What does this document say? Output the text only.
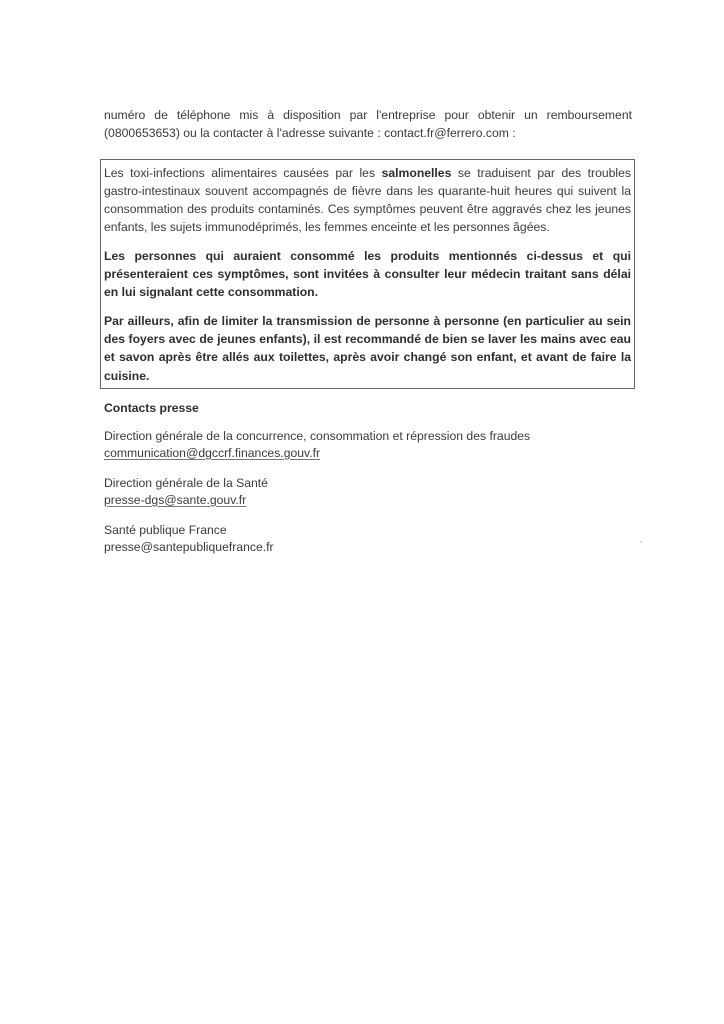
numéro de téléphone mis à disposition par l'entreprise pour obtenir un remboursement (0800653653) ou la contacter à l'adresse suivante : contact.fr@ferrero.com :

Les toxi-infections alimentaires causées par les salmonelles se traduisent par des troubles gastro-intestinaux souvent accompagnés de fièvre dans les quarante-huit heures qui suivent la consommation des produits contaminés. Ces symptômes peuvent être aggravés chez les jeunes enfants, les sujets immunodéprimés, les femmes enceinte et les personnes âgées.

Les personnes qui auraient consommé les produits mentionnés ci-dessus et qui présenteraient ces symptômes, sont invitées à consulter leur médecin traitant sans délai en lui signalant cette consommation.

Par ailleurs, afin de limiter la transmission de personne à personne (en particulier au sein des foyers avec de jeunes enfants), il est recommandé de bien se laver les mains avec eau et savon après être allés aux toilettes, après avoir changé son enfant, et avant de faire la cuisine.

Contacts presse

Direction générale de la concurrence, consommation et répression des fraudes
communication@dgccrf.finances.gouv.fr
Direction générale de la Santé
presse-dgs@sante.gouv.fr
Santé publique France
presse@santepubliquefrance.fr
